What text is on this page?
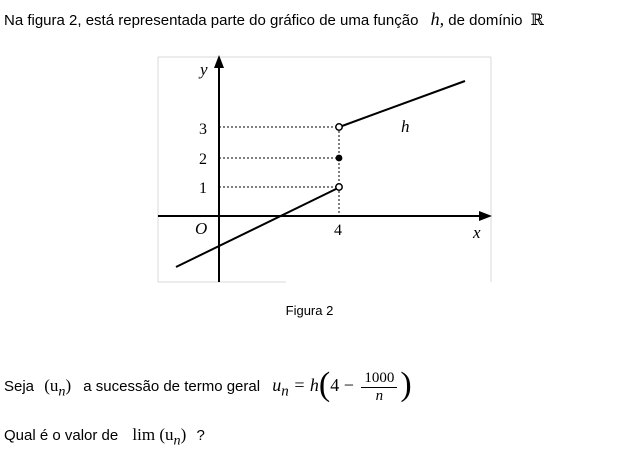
Na figura 2, está representada parte do gráfico de uma função h, de domínio ℝ
y
x
O
3
2
1
4
h
Figura 2
Seja $(u_n)$ a sucessão de termo geral $u_n = h(4 - \frac{1000}{n}$ )
Qual é o valor de $\lim (u_n)$ ?
